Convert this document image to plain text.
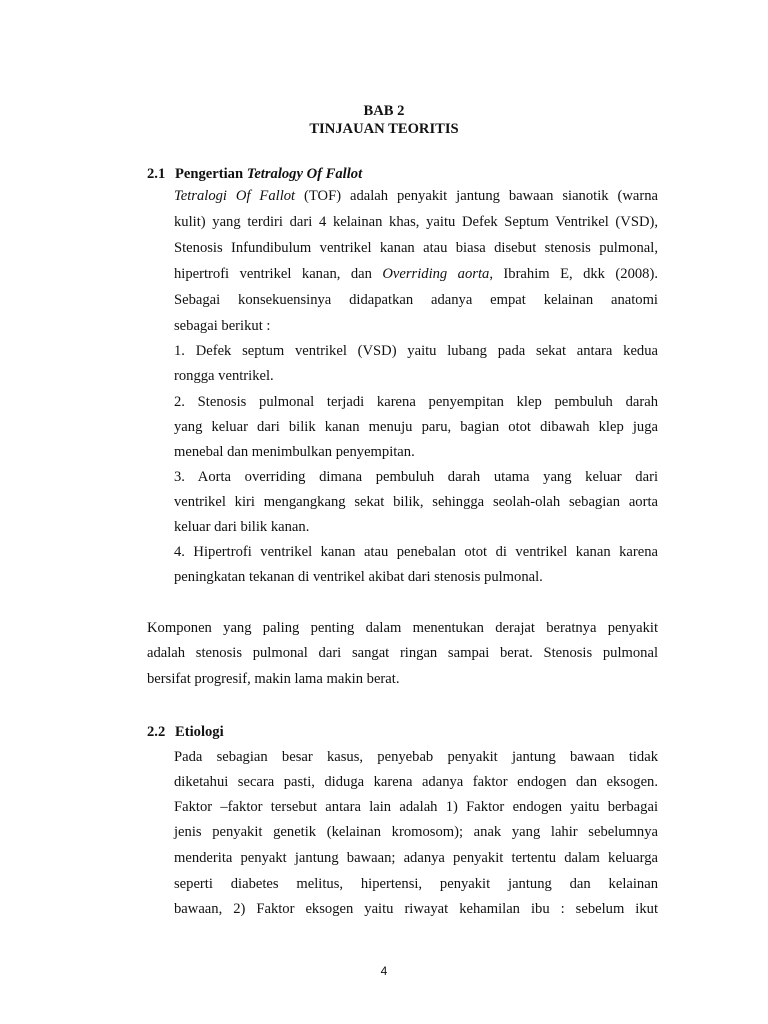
BAB 2
TINJAUAN TEORITIS
2.1 Pengertian Tetralogy Of Fallot
Tetralogi Of Fallot (TOF) adalah penyakit jantung bawaan sianotik (warna
kulit) yang terdiri dari 4 kelainan khas, yaitu Defek Septum Ventrikel (VSD),
Stenosis Infundibulum ventrikel kanan atau biasa disebut stenosis pulmonal,
hipertrofi ventrikel kanan, dan Overriding aorta, Ibrahim E, dkk (2008).
Sebagai konsekuensinya didapatkan adanya empat kelainan anatomi
sebagai berikut :
1. Defek septum ventrikel (VSD) yaitu lubang pada sekat antara kedua
rongga ventrikel.
2. Stenosis pulmonal terjadi karena penyempitan klep pembuluh darah
yang keluar dari bilik kanan menuju paru, bagian otot dibawah klep juga
menebal dan menimbulkan penyempitan.
3. Aorta overriding dimana pembuluh darah utama yang keluar dari
ventrikel kiri mengangkang sekat bilik, sehingga seolah-olah sebagian aorta
keluar dari bilik kanan.
4. Hipertrofi ventrikel kanan atau penebalan otot di ventrikel kanan karena
peningkatan tekanan di ventrikel akibat dari stenosis pulmonal.
Komponen yang paling penting dalam menentukan derajat beratnya penyakit
adalah stenosis pulmonal dari sangat ringan sampai berat. Stenosis pulmonal
bersifat progresif, makin lama makin berat.
2.2 Etiologi
Pada sebagian besar kasus, penyebab penyakit jantung bawaan tidak
diketahui secara pasti, diduga karena adanya faktor endogen dan eksogen.
Faktor –faktor tersebut antara lain adalah 1) Faktor endogen yaitu berbagai
jenis penyakit genetik (kelainan kromosom); anak yang lahir sebelumnya
menderita penyakt jantung bawaan; adanya penyakit tertentu dalam keluarga
seperti diabetes melitus, hipertensi, penyakit jantung dan kelainan
bawaan, 2) Faktor eksogen yaitu riwayat kehamilan ibu : sebelum ikut
4
